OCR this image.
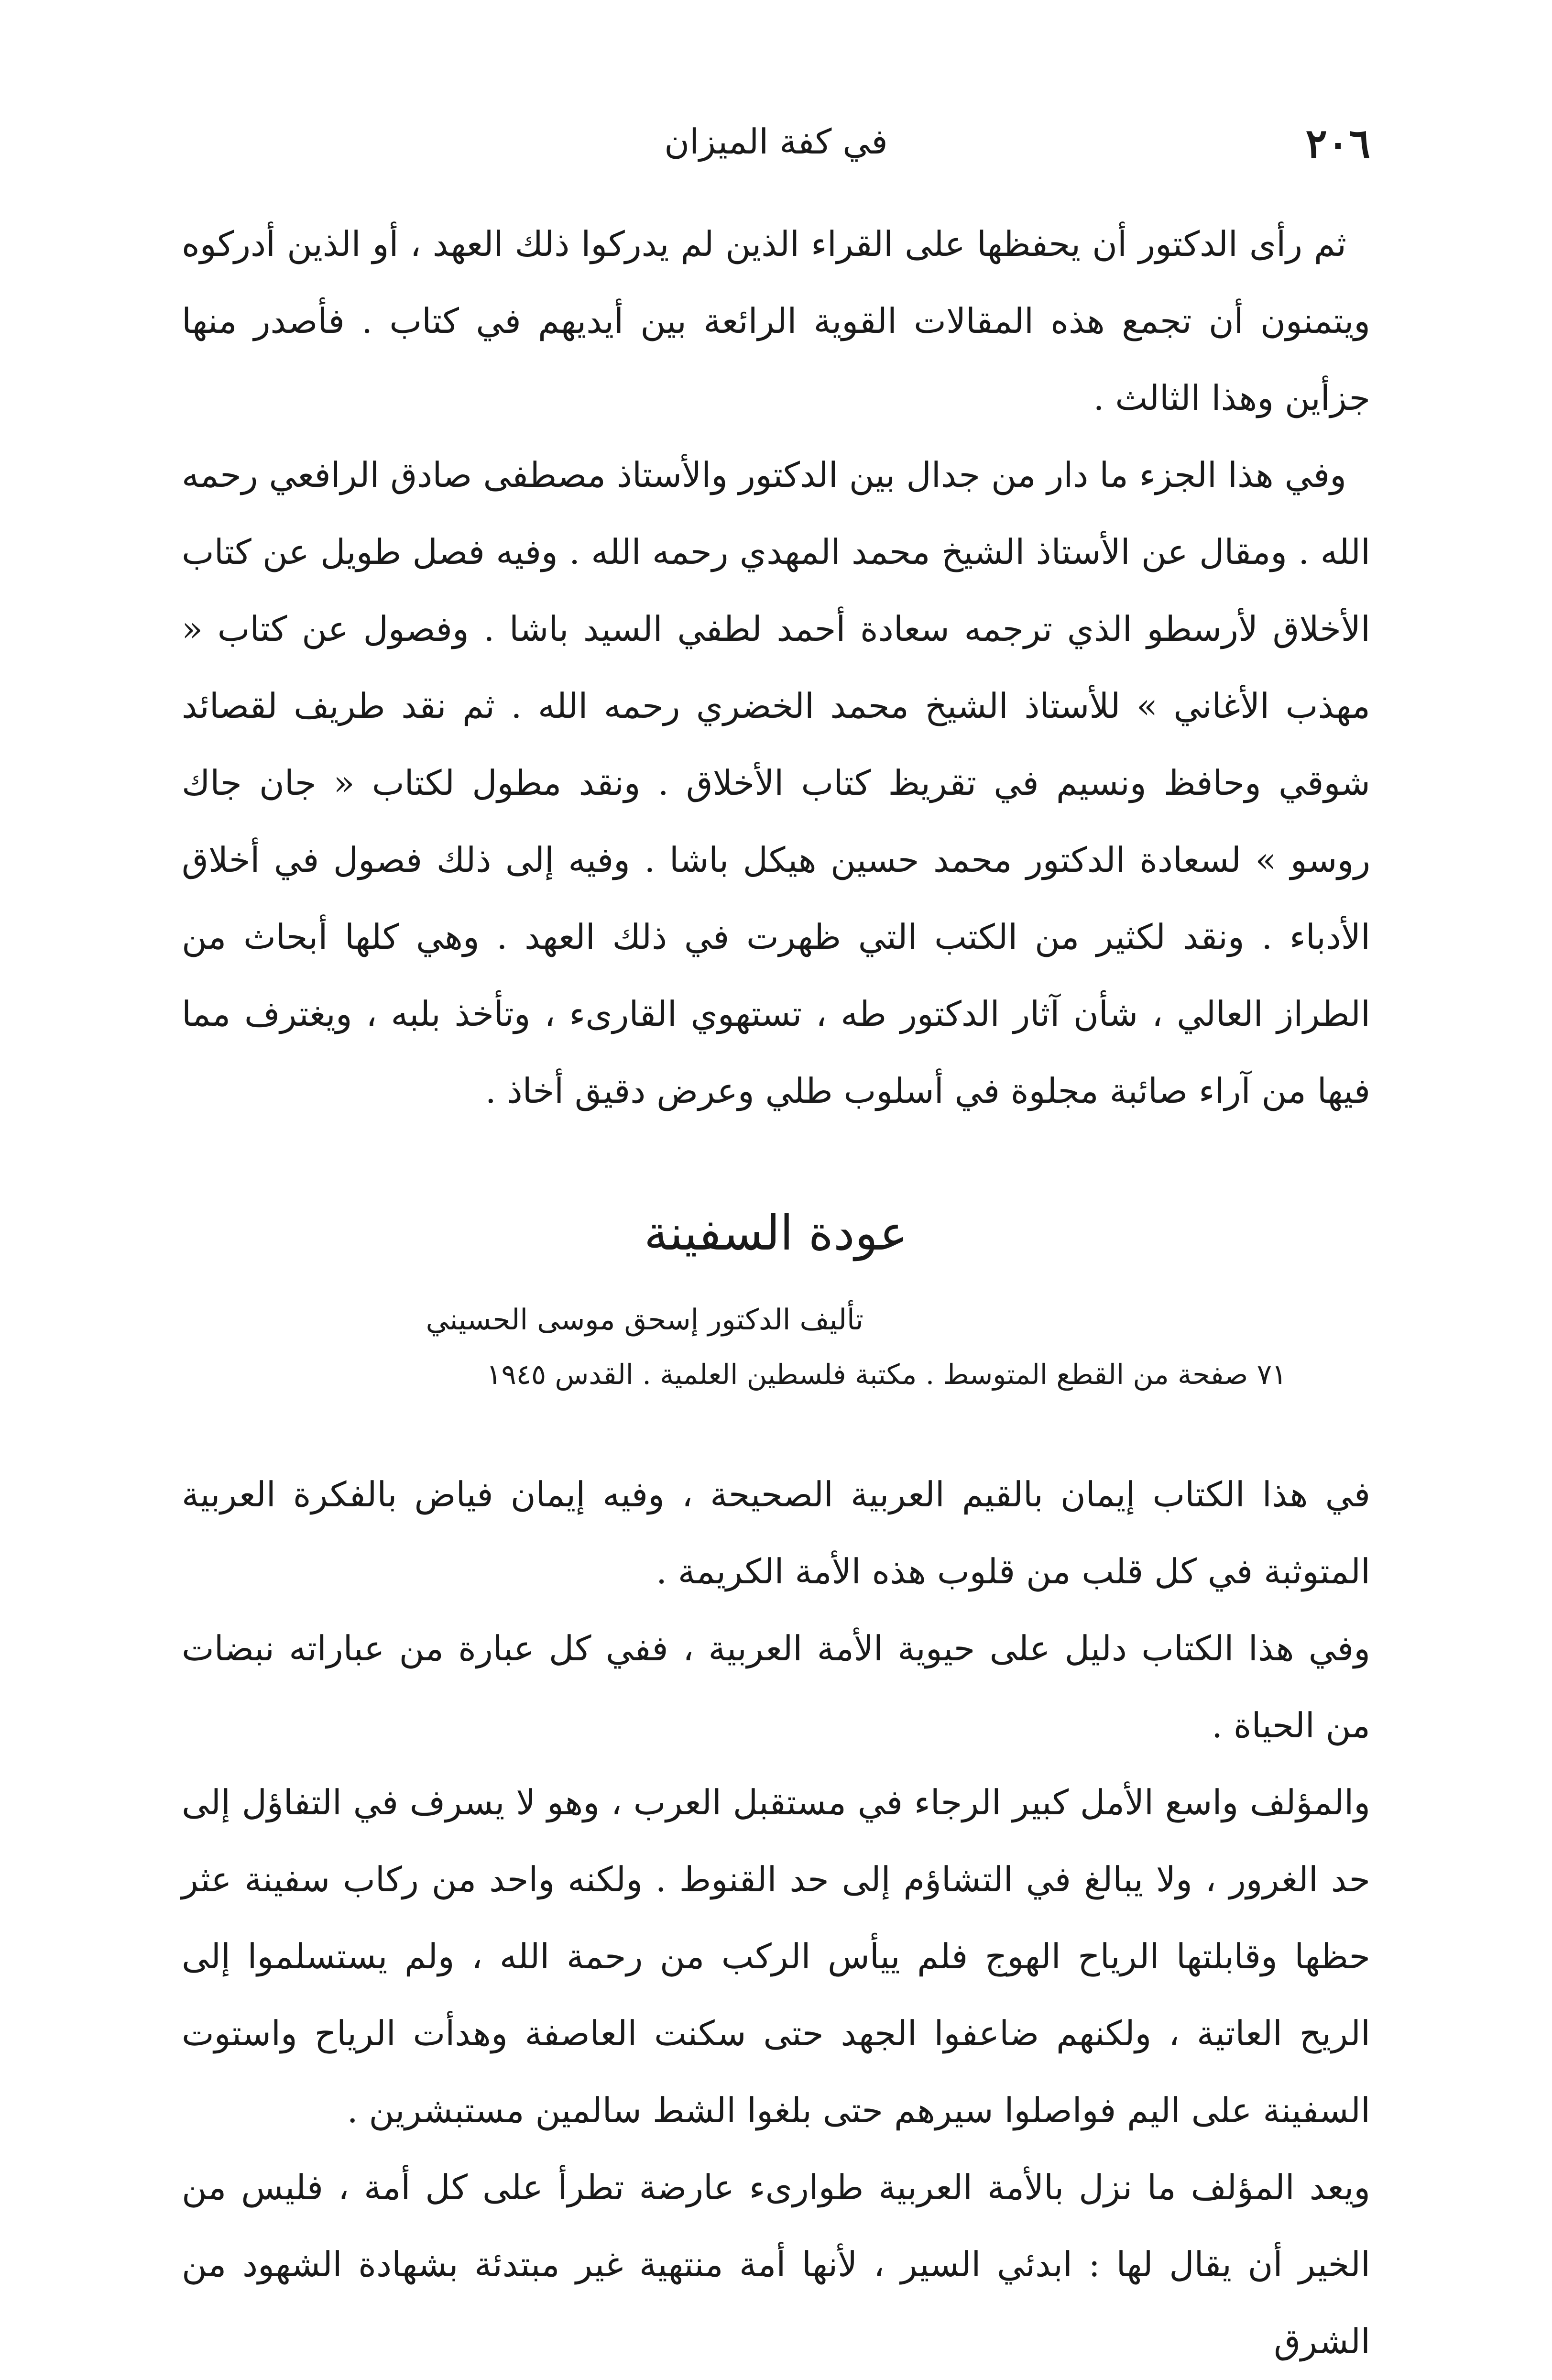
٢٠٦
في كفة الميزان

ثم رأى الدكتور أن يحفظها على القراء الذين لم يدركوا ذلك العهد ، أو الذين أدركوه ويتمنون أن تجمع هذه المقالات القوية الرائعة بين أيديهم في كتاب . فأصدر منها جزأين وهذا الثالث .

وفي هذا الجزء ما دار من جدال بين الدكتور والأستاذ مصطفى صادق الرافعي رحمه الله . ومقال عن الأستاذ الشيخ محمد المهدي رحمه الله . وفيه فصل طويل عن كتاب الأخلاق لأرسطو الذي ترجمه سعادة أحمد لطفي السيد باشا . وفصول عن كتاب « مهذب الأغاني » للأستاذ الشيخ محمد الخضري رحمه الله . ثم نقد طريف لقصائد شوقي وحافظ ونسيم في تقريظ كتاب الأخلاق . ونقد مطول لكتاب « جان جاك روسو » لسعادة الدكتور محمد حسين هيكل باشا . وفيه إلى ذلك فصول في أخلاق الأدباء . ونقد لكثير من الكتب التي ظهرت في ذلك العهد . وهي كلها أبحاث من الطراز العالي ، شأن آثار الدكتور طه ، تستهوي القارىء ، وتأخذ بلبه ، ويغترف مما فيها من آراء صائبة مجلوة في أسلوب طلي وعرض دقيق أخاذ .

عودة السفينة
تأليف الدكتور إسحق موسى الحسيني
٧١ صفحة من القطع المتوسط . مكتبة فلسطين العلمية . القدس ١٩٤٥

في هذا الكتاب إيمان بالقيم العربية الصحيحة ، وفيه إيمان فياض بالفكرة العربية المتوثبة في كل قلب من قلوب هذه الأمة الكريمة .

وفي هذا الكتاب دليل على حيوية الأمة العربية ، ففي كل عبارة من عباراته نبضات من الحياة .

والمؤلف واسع الأمل كبير الرجاء في مستقبل العرب ، وهو لا يسرف في التفاؤل إلى حد الغرور ، ولا يبالغ في التشاؤم إلى حد القنوط . ولكنه واحد من ركاب سفينة عثر حظها وقابلتها الرياح الهوج فلم ييأس الركب من رحمة الله ، ولم يستسلموا إلى الريح العاتية ، ولكنهم ضاعفوا الجهد حتى سكنت العاصفة وهدأت الرياح واستوت السفينة على اليم فواصلوا سيرهم حتى بلغوا الشط سالمين مستبشرين .

ويعد المؤلف ما نزل بالأمة العربية طوارىء عارضة تطرأ على كل أمة ، فليس من الخير أن يقال لها : ابدئي السير ، لأنها أمة منتهية غير مبتدئة بشهادة الشهود من الشرق
